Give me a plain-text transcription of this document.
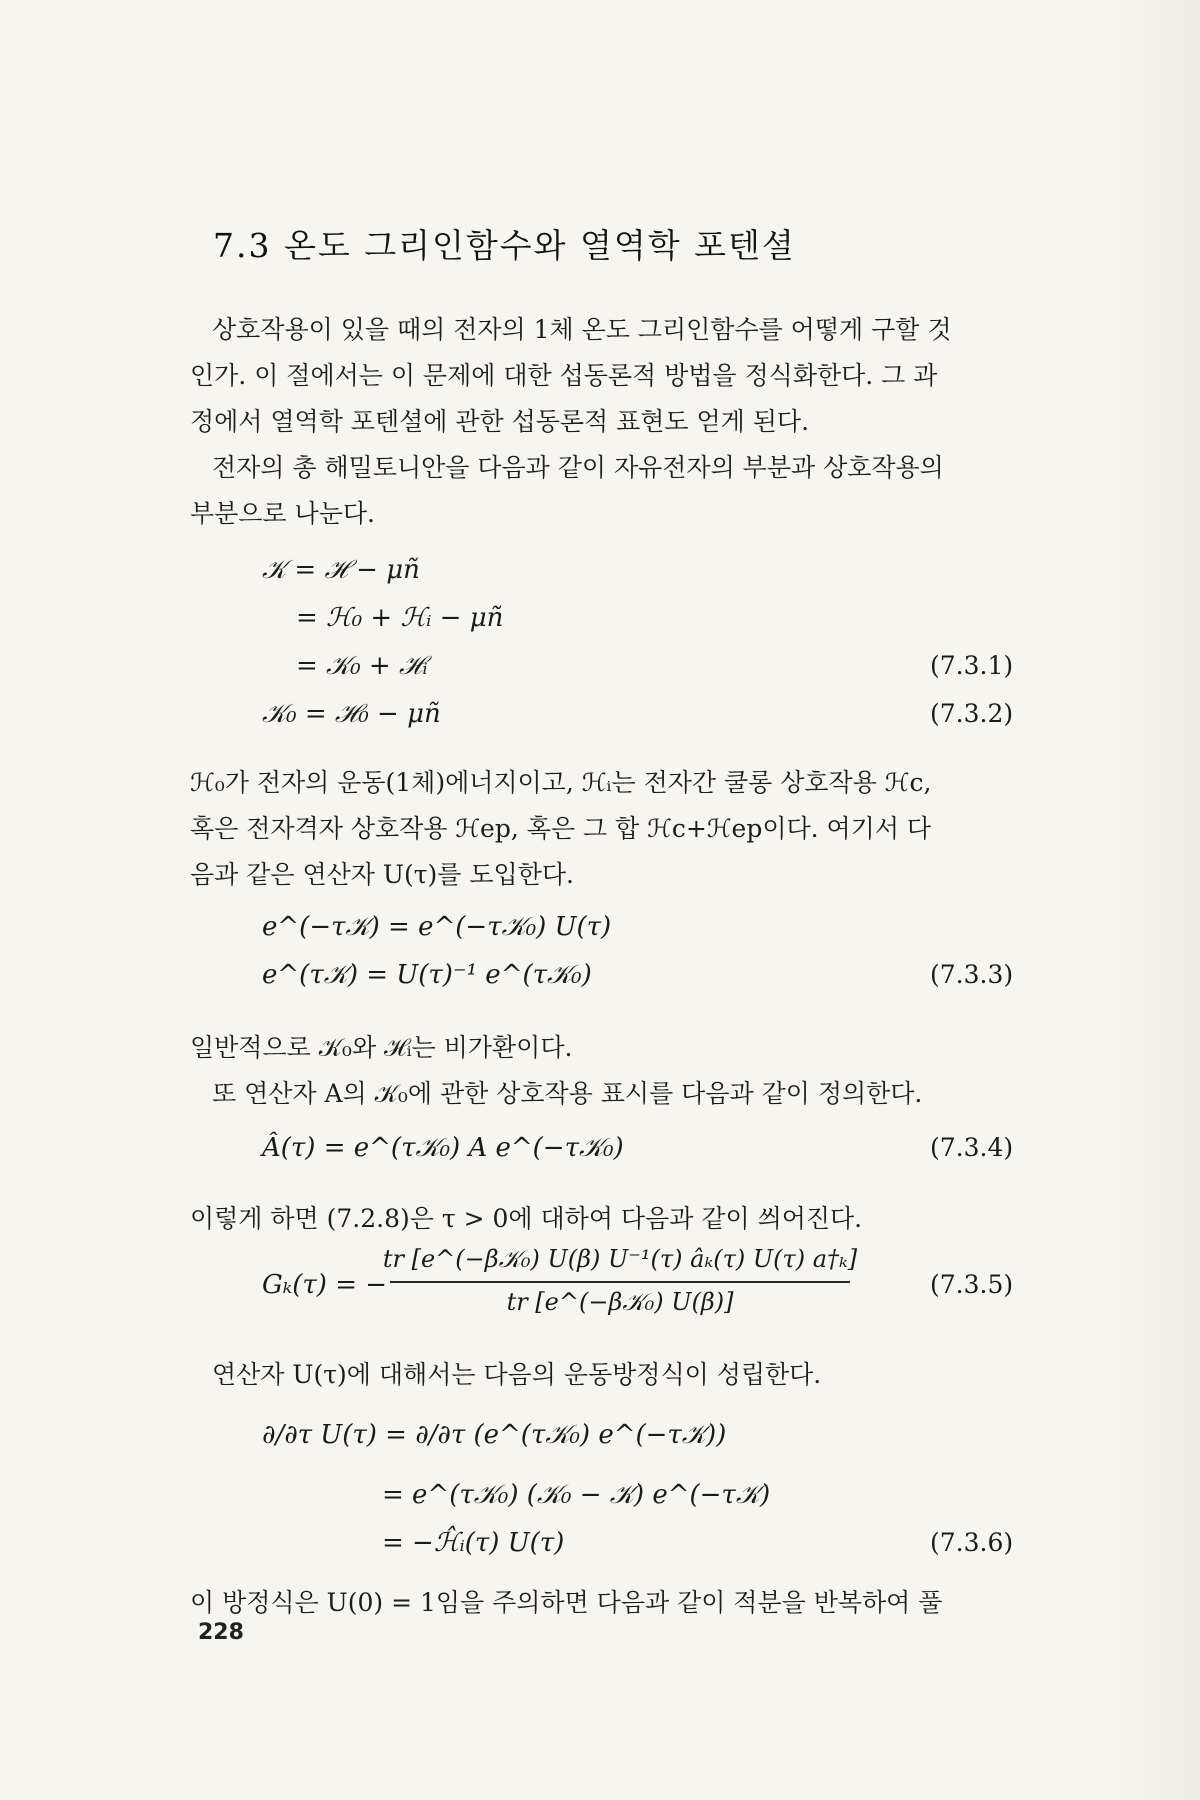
7.3 온도 그리인함수와 열역학 포텐셜
상호작용이 있을 때의 전자의 1체 온도 그리인함수를 어떻게 구할 것
인가. 이 절에서는 이 문제에 대한 섭동론적 방법을 정식화한다. 그 과
정에서 열역학 포텐셜에 관한 섭동론적 표현도 얻게 된다.
전자의 총 해밀토니안을 다음과 같이 자유전자의 부분과 상호작용의
부분으로 나눈다.
𝒦 = ℋ − μñ
= ℋ₀ + ℋᵢ − μñ
= 𝒦₀ + ℋᵢ	(7.3.1)
𝒦₀ = ℋ₀ − μñ	(7.3.2)
ℋ₀가 전자의 운동(1체)에너지이고, ℋᵢ는 전자간 쿨롱 상호작용 ℋc,
혹은 전자격자 상호작용 ℋep, 혹은 그 합 ℋc+ℋep이다. 여기서 다
음과 같은 연산자 U(τ)를 도입한다.
e^(−τ𝒦) = e^(−τ𝒦₀) U(τ)
e^(τ𝒦) = U(τ)⁻¹ e^(τ𝒦₀)	(7.3.3)
일반적으로 𝒦₀와 ℋᵢ는 비가환이다.
또 연산자 A의 𝒦₀에 관한 상호작용 표시를 다음과 같이 정의한다.
Â(τ) = e^(τ𝒦₀) A e^(−τ𝒦₀)	(7.3.4)
이렇게 하면 (7.2.8)은 τ > 0에 대하여 다음과 같이 씌어진다.
Gₖ(τ) = −
tr [e^(−β𝒦₀) U(β) U⁻¹(τ) âₖ(τ) U(τ) a†ₖ]
tr [e^(−β𝒦₀) U(β)]
(7.3.5)
연산자 U(τ)에 대해서는 다음의 운동방정식이 성립한다.
∂/∂τ U(τ) = ∂/∂τ (e^(τ𝒦₀) e^(−τ𝒦))
= e^(τ𝒦₀) (𝒦₀ − 𝒦) e^(−τ𝒦)
= −ℋ̂ᵢ(τ) U(τ)	(7.3.6)
이 방정식은 U(0) = 1임을 주의하면 다음과 같이 적분을 반복하여 풀
228
